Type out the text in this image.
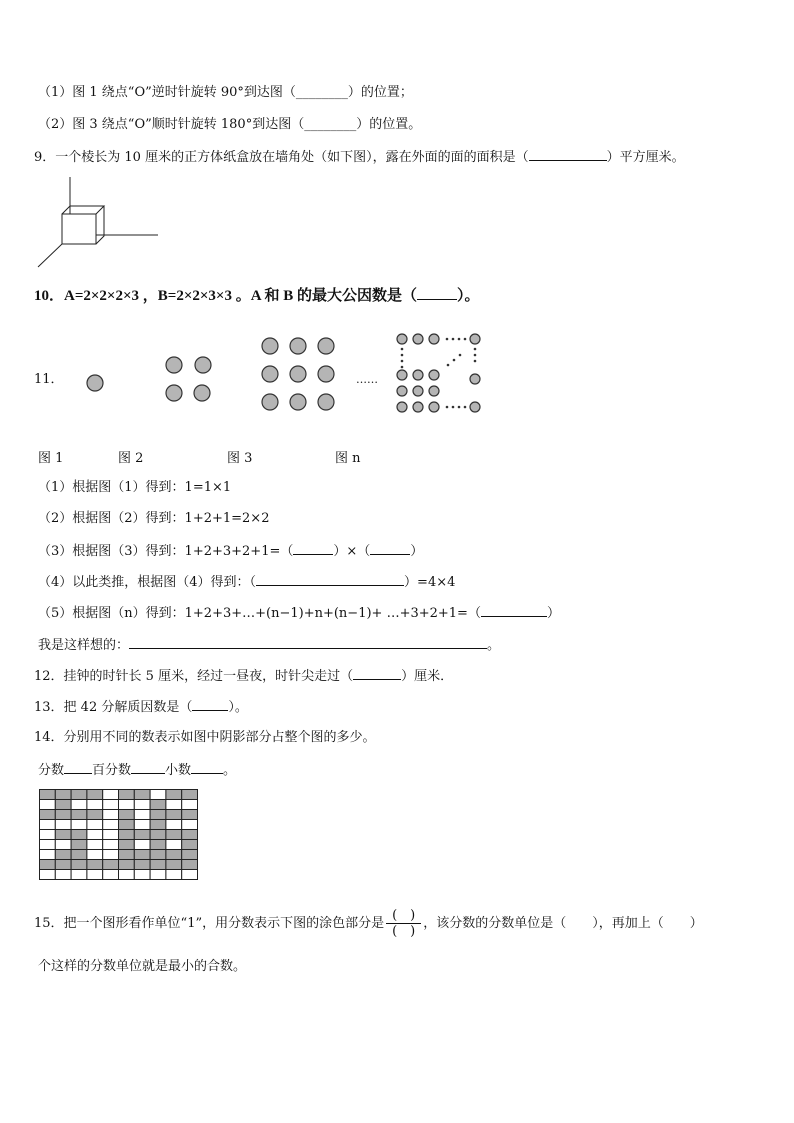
（1）图 1 绕点“O”逆时针旋转 90°到达图（________）的位置；
（2）图 3 绕点“O”顺时针旋转 180°到达图（________）的位置。
9．一个棱长为 10 厘米的正方体纸盒放在墙角处（如下图），露在外面的面的面积是（	）平方厘米。
10．A=2×2×2×3 ，B=2×2×3×3 。A 和 B 的最大公因数是（	）。
11．	……
图 1	图 2	图 3	图 n
（1）根据图（1）得到：1=1×1
（2）根据图（2）得到：1+2+1=2×2
（3）根据图（3）得到：1+2+3+2+1=（	）×（	）
（4）以此类推，根据图（4）得到：（	）=4×4
（5）根据图（n）得到：1+2+3+…+(n−1)+n+(n−1)+ …+3+2+1=（	）
我是这样想的：	。
12．挂钟的时针长 5 厘米，经过一昼夜，时针尖走过（	）厘米．
13．把 42 分解质因数是（	）。
14．分别用不同的数表示如图中阴影部分占整个图的多少。
分数 百分数	小数 。
15．把一个图形看作单位“1”，用分数表示下图的涂色部分是 $\frac{( )}{( )}$ ，该分数的分数单位是（　　），再加上（　　）
个这样的分数单位就是最小的合数。
